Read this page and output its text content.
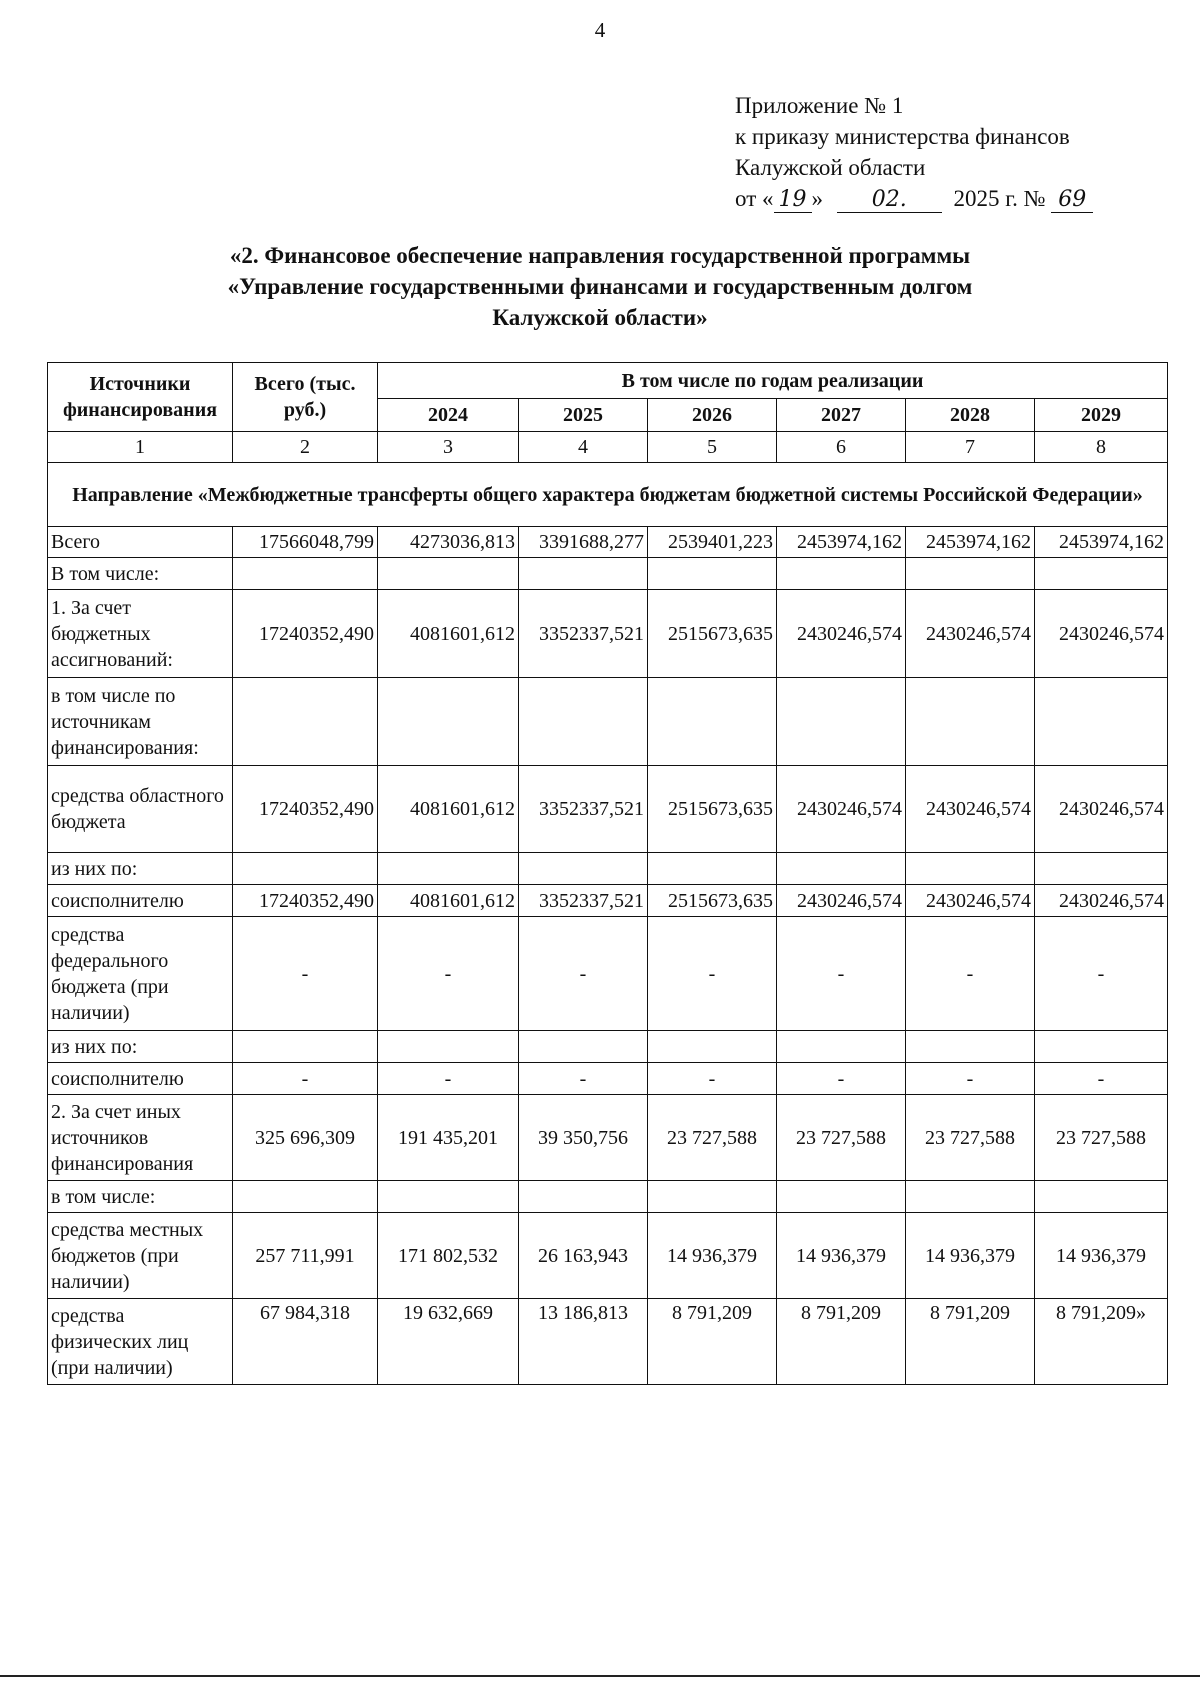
4
Приложение № 1
к приказу министерства финансов
Калужской области
от « 19 » 02. 2025 г. № 69
«2. Финансовое обеспечение направления государственной программы
«Управление государственными финансами и государственным долгом
Калужской области»
Источники финансирования	Всего (тыс. руб.)	В том числе по годам реализации					
		2024	2025	2026	2027	2028	2029
1	2	3	4	5	6	7	8
Направление «Межбюджетные трансферты общего характера бюджетам бюджетной системы Российской Федерации»							
Всего	17566048,799	4273036,813	3391688,277	2539401,223	2453974,162	2453974,162	2453974,162
В том числе:							
1. За счет бюджетных ассигнований:	17240352,490	4081601,612	3352337,521	2515673,635	2430246,574	2430246,574	2430246,574
в том числе по источникам финансирования:							
средства областного бюджета	17240352,490	4081601,612	3352337,521	2515673,635	2430246,574	2430246,574	2430246,574
из них по:							
соисполнителю	17240352,490	4081601,612	3352337,521	2515673,635	2430246,574	2430246,574	2430246,574
средства федерального бюджета (при наличии)	-	-	-	-	-	-	-
из них по:							
соисполнителю	-	-	-	-	-	-	-
2. За счет иных источников финансирования	325 696,309	191 435,201	39 350,756	23 727,588	23 727,588	23 727,588	23 727,588
в том числе:							
средства местных бюджетов (при наличии)	257 711,991	171 802,532	26 163,943	14 936,379	14 936,379	14 936,379	14 936,379
средства физических лиц (при наличии)	67 984,318	19 632,669	13 186,813	8 791,209	8 791,209	8 791,209	8 791,209»
